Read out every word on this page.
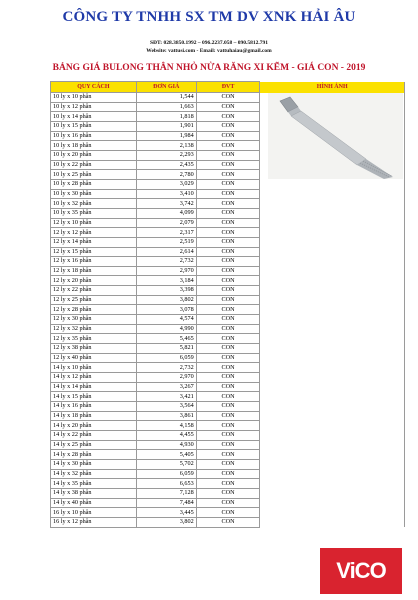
CÔNG TY TNHH SX TM DV XNK HẢI ÂU
SĐT: 028.3850.1992 – 096.2237.058 – 090.5812.791
Website: vattusi.com - Email: vattuhaiau@gmail.com
BẢNG GIÁ BULONG THÂN NHỎ NỬA RĂNG XI KẼM - GIÁ CON - 2019
QUY CÁCH	ĐƠN GIÁ	ĐVT	HÌNH ẢNH
10 ly x 10 phân	1,544	CON	
10 ly x 12 phân	1,663	CON	
10 ly x 14 phân	1,818	CON	
10 ly x 15 phân	1,901	CON	
10 ly x 16 phân	1,984	CON	
10 ly x 18 phân	2,138	CON	
10 ly x 20 phân	2,293	CON	
10 ly x 22 phân	2,435	CON	
10 ly x 25 phân	2,780	CON	
10 ly x 28 phân	3,029	CON	
10 ly x 30 phân	3,410	CON	
10 ly x 32 phân	3,742	CON	
10 ly x 35 phân	4,099	CON	
12 ly x 10 phân	2,079	CON	
12 ly x 12 phân	2,317	CON	
12 ly x 14 phân	2,519	CON	
12 ly x 15 phân	2,614	CON	
12 ly x 16 phân	2,732	CON	
12 ly x 18 phân	2,970	CON	
12 ly x 20 phân	3,184	CON	
12 ly x 22 phân	3,398	CON	
12 ly x 25 phân	3,802	CON	
12 ly x 28 phân	3,078	CON	
12 ly x 30 phân	4,574	CON	
12 ly x 32 phân	4,990	CON	
12 ly x 35 phân	5,465	CON	
12 ly x 38 phân	5,821	CON	
12 ly x 40 phân	6,059	CON	
14 ly x 10 phân	2,732	CON	
14 ly x 12 phân	2,970	CON	
14 ly x 14 phân	3,267	CON	
14 ly x 15 phân	3,421	CON	
14 ly x 16 phân	3,564	CON	
14 ly x 18 phân	3,861	CON	
14 ly x 20 phân	4,158	CON	
14 ly x 22 phân	4,455	CON	
14 ly x 25 phân	4,930	CON	
14 ly x 28 phân	5,405	CON	
14 ly x 30 phân	5,702	CON	
14 ly x 32 phân	6,059	CON	
14 ly x 35 phân	6,653	CON	
14 ly x 38 phân	7,128	CON	
14 ly x 40 phân	7,484	CON	
16 ly x 10 phân	3,445	CON	
16 ly x 12 phân	3,802	CON	
ViCO
